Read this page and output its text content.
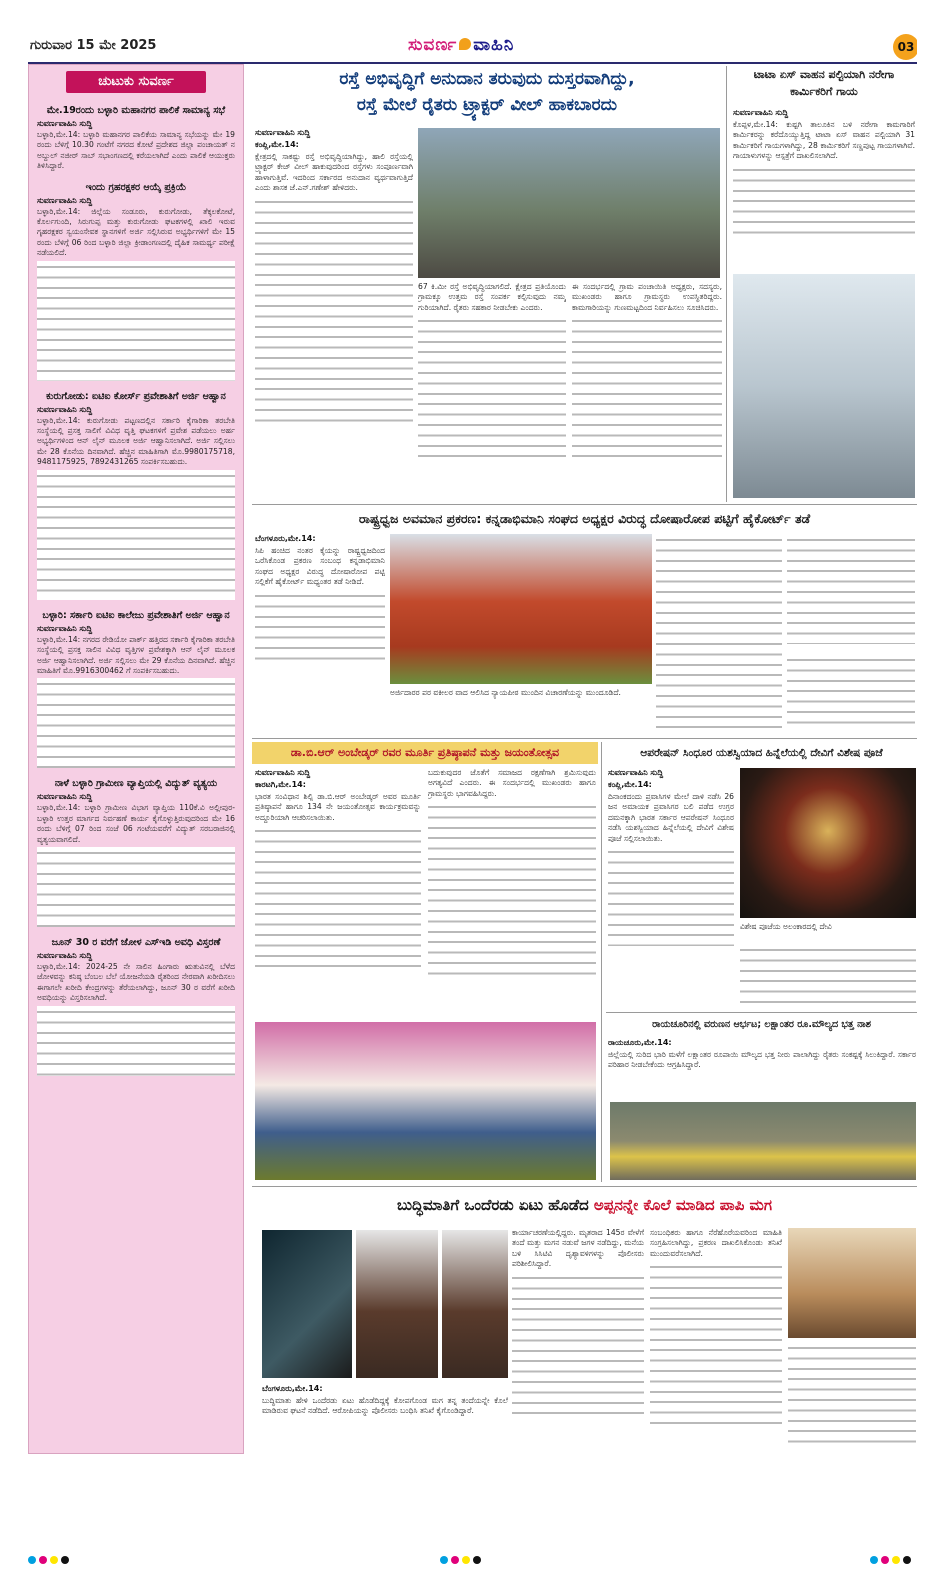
ಗುರುವಾರ 15 ಮೇ 2025	ಸುವರ್ಣ ವಾಹಿನಿ	03
ಚುಟುಕು ಸುವರ್ಣ
ಮೇ.19ರಂದು ಬಳ್ಳಾರಿ ಮಹಾನಗರ ಪಾಲಿಕೆ ಸಾಮಾನ್ಯ ಸಭೆ
ಸುವರ್ಣವಾಹಿನಿ ಸುದ್ದಿ

ಬಳ್ಳಾರಿ,ಮೇ.14: ಬಳ್ಳಾರಿ ಮಹಾನಗರ ಪಾಲಿಕೆಯ ಸಾಮಾನ್ಯ ಸಭೆಯನ್ನು ಮೇ 19 ರಂದು ಬೆಳಿಗ್ಗೆ 10.30 ಗಂಟೆಗೆ ನಗರದ ಕೋಟೆ ಪ್ರದೇಶದ ಜಿಲ್ಲಾ ಪಂಚಾಯತ್ ನ ಅಬ್ದುಲ್ ನಜೀರ್ ಸಾಬ್ ಸಭಾಂಗಣದಲ್ಲಿ ಕರೆಯಲಾಗಿದೆ ಎಂದು ಪಾಲಿಕೆ ಆಯುಕ್ತರು ತಿಳಿಸಿದ್ದಾರೆ.

ಇಂದು ಗ್ರಹರಕ್ಷಕರ ಆಯ್ಕೆ ಪ್ರಕ್ರಿಯೆ
ಸುವರ್ಣವಾಹಿನಿ ಸುದ್ದಿ

ಬಳ್ಳಾರಿ,ಮೇ.14: ಜಿಲ್ಲೆಯ ಸಂಡೂರು, ಕುರುಗೋಡು, ತೆಕ್ಕಲಕೋಟೆ, ಕೊರ್ಲಗುಂದಿ, ಸಿರುಗುಪ್ಪ ಮತ್ತು ಕುರುಗೋಡು ಘಟಕಗಳಲ್ಲಿ ಖಾಲಿ ಇರುವ ಗೃಹರಕ್ಷಕರ ಸ್ವಯಂಸೇವಕ ಸ್ಥಾನಗಳಿಗೆ ಅರ್ಜಿ ಸಲ್ಲಿಸಿರುವ ಅಭ್ಯರ್ಥಿಗಳಿಗೆ ಮೇ 15 ರಂದು ಬೆಳಿಗ್ಗೆ 06 ರಿಂದ ಬಳ್ಳಾರಿ ಜಿಲ್ಲಾ ಕ್ರೀಡಾಂಗಣದಲ್ಲಿ ದೈಹಿಕ ಸಾಮರ್ಥ್ಯ ಪರೀಕ್ಷೆ ನಡೆಯಲಿದೆ.

ಕುರುಗೋಡು: ಐಟಿಐ ಕೋರ್ಸ್ ಪ್ರವೇಶಾತಿಗೆ ಅರ್ಜಿ ಆಹ್ವಾನ
ಸುವರ್ಣವಾಹಿನಿ ಸುದ್ದಿ

ಬಳ್ಳಾರಿ,ಮೇ.14: ಕುರುಗೋಡು ಪಟ್ಟಣದಲ್ಲಿನ ಸರ್ಕಾರಿ ಕೈಗಾರಿಕಾ ತರಬೇತಿ ಸಂಸ್ಥೆಯಲ್ಲಿ ಪ್ರಸಕ್ತ ಸಾಲಿಗೆ ವಿವಿಧ ವೃತ್ತಿ ಘಟಕಗಳಿಗೆ ಪ್ರವೇಶ ಪಡೆಯಲು ಅರ್ಹ ಅಭ್ಯರ್ಥಿಗಳಿಂದ ಆನ್ ಲೈನ್ ಮೂಲಕ ಅರ್ಜಿ ಆಹ್ವಾನಿಸಲಾಗಿದೆ. ಅರ್ಜಿ ಸಲ್ಲಿಸಲು ಮೇ 28 ಕೊನೆಯ ದಿನವಾಗಿದೆ. ಹೆಚ್ಚಿನ ಮಾಹಿತಿಗಾಗಿ ಮೊ.9980175718, 9481175925, 7892431265 ಸಂಪರ್ಕಿಸಬಹುದು.

ಬಳ್ಳಾರಿ: ಸರ್ಕಾರಿ ಐಟಿಐ ಕಾಲೇಜು ಪ್ರವೇಶಾತಿಗೆ ಅರ್ಜಿ ಆಹ್ವಾನ
ಸುವರ್ಣವಾಹಿನಿ ಸುದ್ದಿ

ಬಳ್ಳಾರಿ,ಮೇ.14: ನಗರದ ರೇಡಿಯೋ ಪಾರ್ಕ್ ಹತ್ತಿರದ ಸರ್ಕಾರಿ ಕೈಗಾರಿಕಾ ತರಬೇತಿ ಸಂಸ್ಥೆಯಲ್ಲಿ ಪ್ರಸಕ್ತ ಸಾಲಿನ ವಿವಿಧ ವೃತ್ತಿಗಳ ಪ್ರವೇಶಕ್ಕಾಗಿ ಆನ್ ಲೈನ್ ಮೂಲಕ ಅರ್ಜಿ ಆಹ್ವಾನಿಸಲಾಗಿದೆ. ಅರ್ಜಿ ಸಲ್ಲಿಸಲು ಮೇ 29 ಕೊನೆಯ ದಿನವಾಗಿದೆ. ಹೆಚ್ಚಿನ ಮಾಹಿತಿಗೆ ಮೊ.9916300462 ಗೆ ಸಂಪರ್ಕಿಸಬಹುದು.

ನಾಳೆ ಬಳ್ಳಾರಿ ಗ್ರಾಮೀಣ ವ್ಯಾಪ್ತಿಯಲ್ಲಿ ವಿದ್ಯುತ್ ವ್ಯತ್ಯಯ
ಸುವರ್ಣವಾಹಿನಿ ಸುದ್ದಿ

ಬಳ್ಳಾರಿ,ಮೇ.14: ಬಳ್ಳಾರಿ ಗ್ರಾಮೀಣ ವಿಭಾಗ ವ್ಯಾಪ್ತಿಯ 110ಕೆ.ವಿ ಅಲ್ಲೀಪುರ-ಬಳ್ಳಾರಿ ಉತ್ತರ ಮಾರ್ಗದ ನಿರ್ವಹಣೆ ಕಾರ್ಯ ಕೈಗೊಳ್ಳುತ್ತಿರುವುದರಿಂದ ಮೇ 16 ರಂದು ಬೆಳಿಗ್ಗೆ 07 ರಿಂದ ಸಂಜೆ 06 ಗಂಟೆಯವರೆಗೆ ವಿದ್ಯುತ್ ಸರಬರಾಜಿನಲ್ಲಿ ವ್ಯತ್ಯಯವಾಗಲಿದೆ.

ಜೂನ್ 30 ರ ವರೆಗೆ ಜೋಳ ಎಸ್ಇಡಿ ಅವಧಿ ವಿಸ್ತರಣೆ
ಸುವರ್ಣವಾಹಿನಿ ಸುದ್ದಿ

ಬಳ್ಳಾರಿ,ಮೇ.14: 2024-25 ನೇ ಸಾಲಿನ ಹಿಂಗಾರು ಋತುವಿನಲ್ಲಿ ಬೆಳೆದ ಜೋಳವನ್ನು ಕನಿಷ್ಠ ಬೆಂಬಲ ಬೆಲೆ ಯೋಜನೆಯಡಿ ರೈತರಿಂದ ನೇರವಾಗಿ ಖರೀದಿಸಲು ಈಗಾಗಲೇ ಖರೀದಿ ಕೇಂದ್ರಗಳನ್ನು ತೆರೆಯಲಾಗಿದ್ದು, ಜೂನ್ 30 ರ ವರೆಗೆ ಖರೀದಿ ಅವಧಿಯನ್ನು ವಿಸ್ತರಿಸಲಾಗಿದೆ.

ರಸ್ತೆ ಅಭಿವೃದ್ಧಿಗೆ ಅನುದಾನ ತರುವುದು ದುಸ್ತರವಾಗಿದ್ದು,
ರಸ್ತೆ ಮೇಲೆ ರೈತರು ಟ್ರ್ಯಾಕ್ಟರ್ ವೀಲ್ ಹಾಕಬಾರದು
ಸುವರ್ಣವಾಹಿನಿ ಸುದ್ದಿ
ಕಂಪ್ಲಿ,ಮೇ.14:

ಕ್ಷೇತ್ರದಲ್ಲಿ ಸಾಕಷ್ಟು ರಸ್ತೆ ಅಭಿವೃದ್ಧಿಯಾಗಿದ್ದು, ಹಾಲಿ ರಸ್ತೆಯಲ್ಲಿ ಟ್ರ್ಯಾಕ್ಟರ್ ಕೇಜ್ ವೀಲ್ ಹಾಕುವುದರಿಂದ ರಸ್ತೆಗಳು ಸಂಪೂರ್ಣವಾಗಿ ಹಾಳಾಗುತ್ತಿವೆ. ಇದರಿಂದ ಸರ್ಕಾರದ ಅನುದಾನ ವ್ಯರ್ಥವಾಗುತ್ತಿದೆ ಎಂದು ಶಾಸಕ ಜೆ.ಎನ್.ಗಣೇಶ್ ಹೇಳಿದರು.

67 ಕಿ.ಮೀ ರಸ್ತೆ ಅಭಿವೃದ್ಧಿಯಾಗಲಿದೆ. ಕ್ಷೇತ್ರದ ಪ್ರತಿಯೊಂದು ಗ್ರಾಮಕ್ಕೂ ಉತ್ತಮ ರಸ್ತೆ ಸಂಪರ್ಕ ಕಲ್ಪಿಸುವುದು ನಮ್ಮ ಗುರಿಯಾಗಿದೆ. ರೈತರು ಸಹಕಾರ ನೀಡಬೇಕು ಎಂದರು.

ಈ ಸಂದರ್ಭದಲ್ಲಿ ಗ್ರಾಮ ಪಂಚಾಯಿತಿ ಅಧ್ಯಕ್ಷರು, ಸದಸ್ಯರು, ಮುಖಂಡರು ಹಾಗೂ ಗ್ರಾಮಸ್ಥರು ಉಪಸ್ಥಿತರಿದ್ದರು. ಕಾಮಗಾರಿಯನ್ನು ಗುಣಮಟ್ಟದಿಂದ ನಿರ್ವಹಿಸಲು ಸೂಚಿಸಿದರು.

ಟಾಟಾ ಏಸ್ ವಾಹನ ಪಲ್ಟಿಯಾಗಿ ನರೇಗಾ ಕಾರ್ಮಿಕರಿಗೆ ಗಾಯ
ಸುವರ್ಣವಾಹಿನಿ ಸುದ್ದಿ

ಕೊಪ್ಪಳ,ಮೇ.14: ಕುಷ್ಟಗಿ ತಾಲೂಕಿನ ಬಳಿ ನರೇಗಾ ಕಾಮಗಾರಿಗೆ ಕಾರ್ಮಿಕರನ್ನು ಕರೆದೊಯ್ಯುತ್ತಿದ್ದ ಟಾಟಾ ಏಸ್ ವಾಹನ ಪಲ್ಟಿಯಾಗಿ 31 ಕಾರ್ಮಿಕರಿಗೆ ಗಾಯಗಳಾಗಿದ್ದು, 28 ಕಾರ್ಮಿಕರಿಗೆ ಸಣ್ಣಪುಟ್ಟ ಗಾಯಗಳಾಗಿವೆ. ಗಾಯಾಳುಗಳನ್ನು ಆಸ್ಪತ್ರೆಗೆ ದಾಖಲಿಸಲಾಗಿದೆ.

ರಾಷ್ಟ್ರಧ್ವಜ ಅವಮಾನ ಪ್ರಕರಣ: ಕನ್ನಡಾಭಿಮಾನಿ ಸಂಘದ ಅಧ್ಯಕ್ಷರ ವಿರುದ್ಧ ದೋಷಾರೋಪ ಪಟ್ಟಿಗೆ ಹೈಕೋರ್ಟ್ ತಡೆ
ಬೆಂಗಳೂರು,ಮೇ.14:

ಸಿಪಿ ಹಂಚಿದ ನಂತರ ಕೈಯನ್ನು ರಾಷ್ಟ್ರಧ್ವಜದಿಂದ ಒರೆಸಿಕೊಂಡ ಪ್ರಕರಣ ಸಂಬಂಧ ಕನ್ನಡಾಭಿಮಾನಿ ಸಂಘದ ಅಧ್ಯಕ್ಷರ ವಿರುದ್ಧ ದೋಷಾರೋಪ ಪಟ್ಟಿ ಸಲ್ಲಿಕೆಗೆ ಹೈಕೋರ್ಟ್ ಮಧ್ಯಂತರ ತಡೆ ನೀಡಿದೆ.

ಅರ್ಜಿದಾರರ ಪರ ವಕೀಲರ ವಾದ ಆಲಿಸಿದ ನ್ಯಾಯಪೀಠ ಮುಂದಿನ ವಿಚಾರಣೆಯನ್ನು ಮುಂದೂಡಿದೆ.
ಡಾ.ಬಿ.ಆರ್ ಅಂಬೇಡ್ಕರ್ ರವರ ಮೂರ್ತಿ ಪ್ರತಿಷ್ಠಾಪನೆ ಮತ್ತು ಜಯಂತೋತ್ಸವ
ಸುವರ್ಣವಾಹಿನಿ ಸುದ್ದಿ
ಕಾರಟಗಿ,ಮೇ.14:

ಭಾರತ ಸಂವಿಧಾನ ಶಿಲ್ಪಿ ಡಾ.ಬಿ.ಆರ್ ಅಂಬೇಡ್ಕರ್ ಅವರ ಮೂರ್ತಿ ಪ್ರತಿಷ್ಠಾಪನೆ ಹಾಗೂ 134 ನೇ ಜಯಂತೋತ್ಸವ ಕಾರ್ಯಕ್ರಮವನ್ನು ಅದ್ದೂರಿಯಾಗಿ ಆಚರಿಸಲಾಯಿತು.

ಬದುಕುವುದರ ಜೊತೆಗೆ ಸಮಾಜದ ರಕ್ಷಣೆಗಾಗಿ ಶ್ರಮಿಸುವುದು ಅಗತ್ಯವಿದೆ ಎಂದರು. ಈ ಸಂದರ್ಭದಲ್ಲಿ ಮುಖಂಡರು ಹಾಗೂ ಗ್ರಾಮಸ್ಥರು ಭಾಗವಹಿಸಿದ್ದರು.

ಆಪರೇಷನ್ ಸಿಂಧೂರ ಯಶಸ್ವಿಯಾದ ಹಿನ್ನೆಲೆಯಲ್ಲಿ ದೇವಿಗೆ ವಿಶೇಷ ಪೂಜೆ
ಸುವರ್ಣವಾಹಿನಿ ಸುದ್ದಿ
ಕಂಪ್ಲಿ,ಮೇ.14:

ದಿನಾಂಕದಂದು ಪ್ರವಾಸಿಗಳ ಮೇಲೆ ದಾಳಿ ನಡೆಸಿ 26 ಜನ ಅಮಾಯಕ ಪ್ರವಾಸಿಗರ ಬಲಿ ಪಡೆದ ಉಗ್ರರ ದಮನಕ್ಕಾಗಿ ಭಾರತ ಸರ್ಕಾರ ಆಪರೇಷನ್ ಸಿಂಧೂರ ನಡೆಸಿ ಯಶಸ್ವಿಯಾದ ಹಿನ್ನೆಲೆಯಲ್ಲಿ ದೇವಿಗೆ ವಿಶೇಷ ಪೂಜೆ ಸಲ್ಲಿಸಲಾಯಿತು.

ವಿಶೇಷ ಪೂಜೆಯ ಅಲಂಕಾರದಲ್ಲಿ ದೇವಿ
ರಾಯಚೂರಿನಲ್ಲಿ ವರುಣನ ಆರ್ಭಟ; ಲಕ್ಷಾಂತರ ರೂ.ಮೌಲ್ಯದ ಭತ್ತ ನಾಶ
ರಾಯಚೂರು,ಮೇ.14:

ಜಿಲ್ಲೆಯಲ್ಲಿ ಸುರಿದ ಭಾರಿ ಮಳೆಗೆ ಲಕ್ಷಾಂತರ ರೂಪಾಯಿ ಮೌಲ್ಯದ ಭತ್ತ ನೀರು ಪಾಲಾಗಿದ್ದು ರೈತರು ಸಂಕಷ್ಟಕ್ಕೆ ಸಿಲುಕಿದ್ದಾರೆ. ಸರ್ಕಾರ ಪರಿಹಾರ ನೀಡಬೇಕೆಂದು ಆಗ್ರಹಿಸಿದ್ದಾರೆ.

ಬುದ್ಧಿಮಾತಿಗೆ ಒಂದೆರಡು ಏಟು ಹೊಡೆದ ಅಪ್ಪನನ್ನೇ ಕೊಲೆ ಮಾಡಿದ ಪಾಪಿ ಮಗ
ಬೆಂಗಳೂರು,ಮೇ.14:

ಬುದ್ಧಿಮಾತು ಹೇಳಿ ಒಂದೆರಡು ಏಟು ಹೊಡೆದಿದ್ದಕ್ಕೆ ಕೋಪಗೊಂಡ ಮಗ ತನ್ನ ತಂದೆಯನ್ನೇ ಕೊಲೆ ಮಾಡಿರುವ ಘಟನೆ ನಡೆದಿದೆ. ಆರೋಪಿಯನ್ನು ಪೊಲೀಸರು ಬಂಧಿಸಿ ತನಿಖೆ ಕೈಗೊಂಡಿದ್ದಾರೆ.

ಕಾರ್ಯಾಚರಣೆಯಲ್ಲಿದ್ದರು. ಮೃತರಾದ 145ರ ವೇಳೆಗೆ ತಂದೆ ಮತ್ತು ಮಗನ ನಡುವೆ ಜಗಳ ನಡೆದಿದ್ದು, ಮನೆಯ ಬಳಿ ಸಿಸಿಟಿವಿ ದೃಶ್ಯಾವಳಿಗಳನ್ನು ಪೊಲೀಸರು ಪರಿಶೀಲಿಸಿದ್ದಾರೆ.

ಸಂಬಂಧಿಕರು ಹಾಗೂ ನೆರೆಹೊರೆಯವರಿಂದ ಮಾಹಿತಿ ಸಂಗ್ರಹಿಸಲಾಗಿದ್ದು, ಪ್ರಕರಣ ದಾಖಲಿಸಿಕೊಂಡು ತನಿಖೆ ಮುಂದುವರೆಸಲಾಗಿದೆ.
